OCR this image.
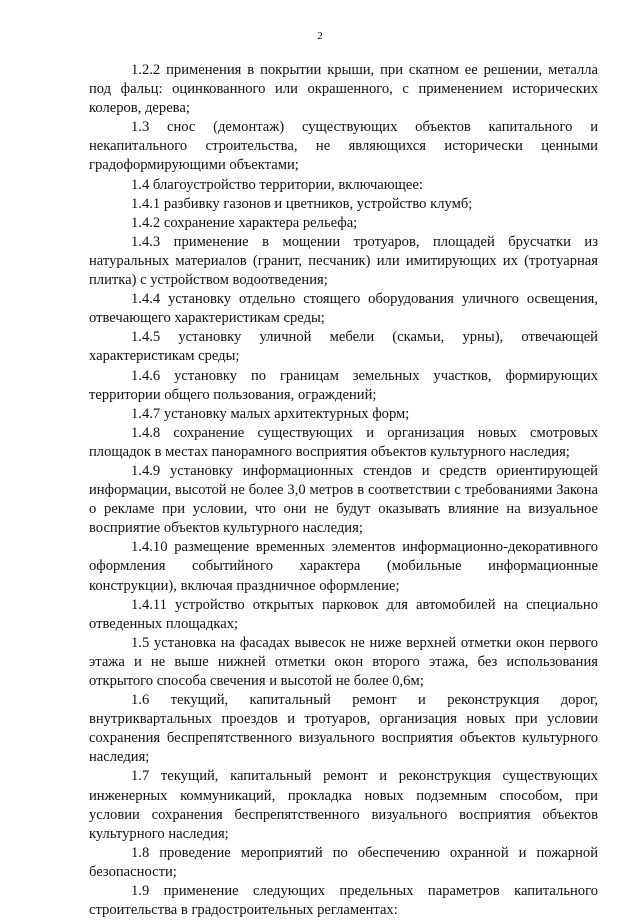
2

1.2.2 применения в покрытии крыши, при скатном ее решении, металла под фальц: оцинкованного или окрашенного, с применением исторических колеров, дерева;

1.3 снос (демонтаж) существующих объектов капитального и некапитального строительства, не являющихся исторически ценными градоформирующими объектами;

1.4 благоустройство территории, включающее:

1.4.1 разбивку газонов и цветников, устройство клумб;

1.4.2 сохранение характера рельефа;

1.4.3 применение в мощении тротуаров, площадей брусчатки из натуральных материалов (гранит, песчаник) или имитирующих их (тротуарная плитка) с устройством водоотведения;

1.4.4 установку отдельно стоящего оборудования уличного освещения, отвечающего характеристикам среды;

1.4.5 установку уличной мебели (скамьи, урны), отвечающей характеристикам среды;

1.4.6 установку по границам земельных участков, формирующих территории общего пользования, ограждений;

1.4.7 установку малых архитектурных форм;

1.4.8 сохранение существующих и организация новых смотровых площадок в местах панорамного восприятия объектов культурного наследия;

1.4.9 установку информационных стендов и средств ориентирующей информации, высотой не более 3,0 метров в соответствии с требованиями Закона о рекламе при условии, что они не будут оказывать влияние на визуальное восприятие объектов культурного наследия;

1.4.10 размещение временных элементов информационно-декоративного оформления событийного характера (мобильные информационные конструкции), включая праздничное оформление;

1.4.11 устройство открытых парковок для автомобилей на специально отведенных площадках;

1.5 установка на фасадах вывесок не ниже верхней отметки окон первого этажа и не выше нижней отметки окон второго этажа, без использования открытого способа свечения и высотой не более 0,6м;

1.6 текущий, капитальный ремонт и реконструкция дорог, внутриквартальных проездов и тротуаров, организация новых при условии сохранения беспрепятственного визуального восприятия объектов культурного наследия;

1.7 текущий, капитальный ремонт и реконструкция существующих инженерных коммуникаций, прокладка новых подземным способом, при условии сохранения беспрепятственного визуального восприятия объектов культурного наследия;

1.8 проведение мероприятий по обеспечению охранной и пожарной безопасности;

1.9 применение следующих предельных параметров капитального строительства в градостроительных регламентах:
